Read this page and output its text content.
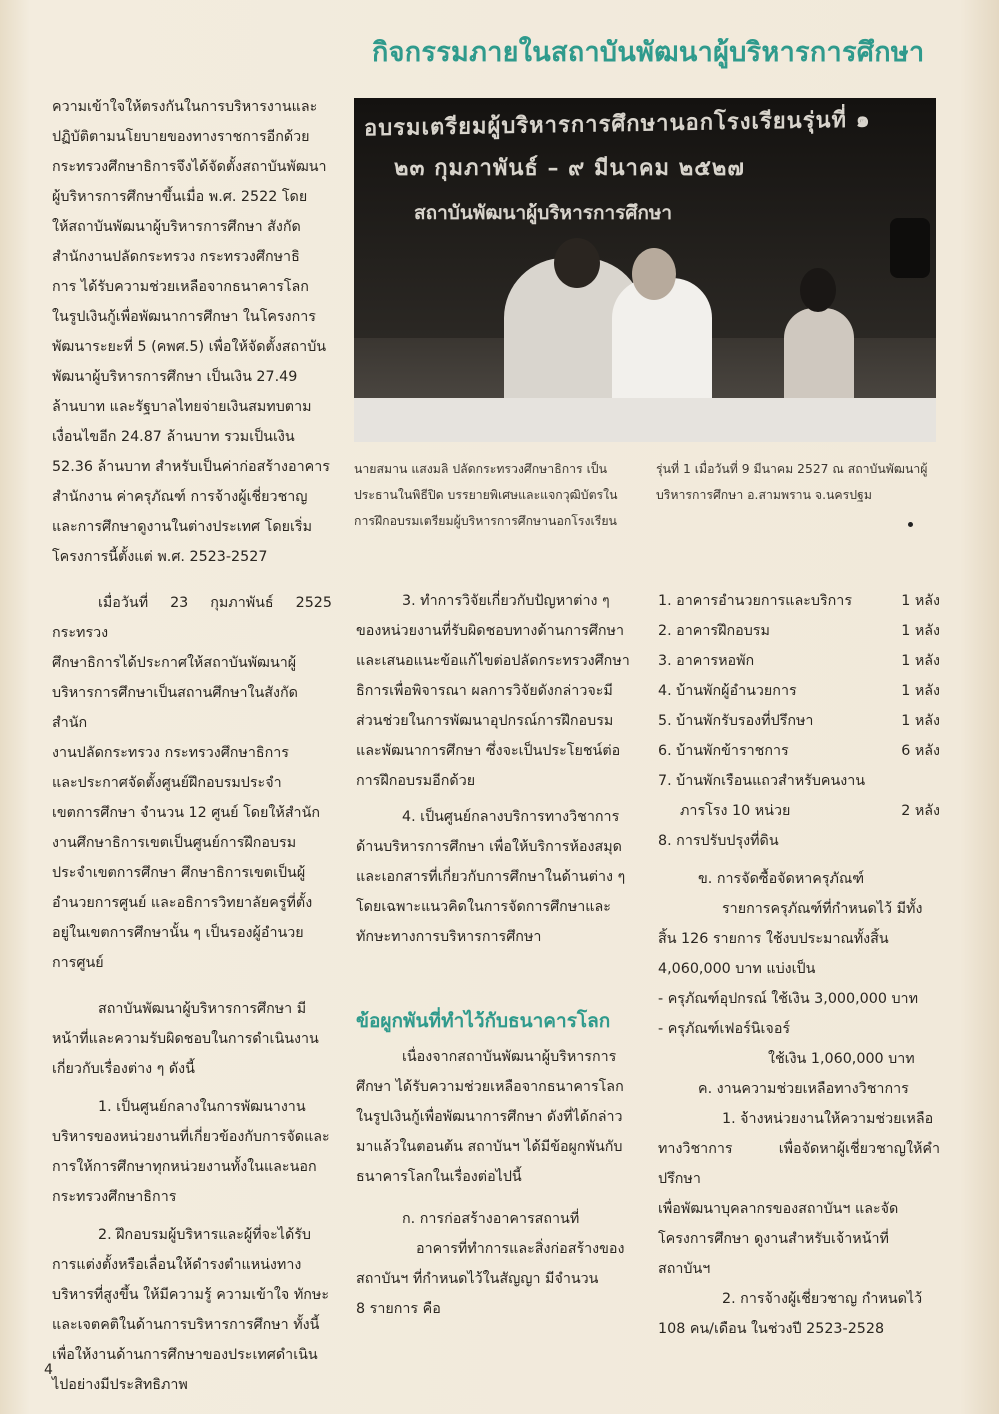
กิจกรรมภายในสถาบันพัฒนาผู้บริหารการศึกษา

ความเข้าใจให้ตรงกันในการบริหารงานและ

ปฏิบัติตามนโยบายของทางราชการอีกด้วย

กระทรวงศึกษาธิการจึงได้จัดตั้งสถาบันพัฒนา

ผู้บริหารการศึกษาขึ้นเมื่อ พ.ศ. 2522 โดย

ให้สถาบันพัฒนาผู้บริหารการศึกษา สังกัด

สำนักงานปลัดกระทรวง กระทรวงศึกษาธิ

การ ได้รับความช่วยเหลือจากธนาคารโลก

ในรูปเงินกู้เพื่อพัฒนาการศึกษา ในโครงการ

พัฒนาระยะที่ 5 (คพศ.5) เพื่อให้จัดตั้งสถาบัน

พัฒนาผู้บริหารการศึกษา เป็นเงิน 27.49

ล้านบาท และรัฐบาลไทยจ่ายเงินสมทบตาม

เงื่อนไขอีก 24.87 ล้านบาท รวมเป็นเงิน

52.36 ล้านบาท สำหรับเป็นค่าก่อสร้างอาคาร

สำนักงาน ค่าครุภัณฑ์ การจ้างผู้เชี่ยวชาญ

และการศึกษาดูงานในต่างประเทศ โดยเริ่ม

โครงการนี้ตั้งแต่ พ.ศ. 2523-2527

เมื่อวันที่ 23 กุมภาพันธ์ 2525 กระทรวง

ศึกษาธิการได้ประกาศให้สถาบันพัฒนาผู้

บริหารการศึกษาเป็นสถานศึกษาในสังกัดสำนัก

งานปลัดกระทรวง กระทรวงศึกษาธิการ

และประกาศจัดตั้งศูนย์ฝึกอบรมประจำ

เขตการศึกษา จำนวน 12 ศูนย์ โดยให้สำนัก

งานศึกษาธิการเขตเป็นศูนย์การฝึกอบรม

ประจำเขตการศึกษา ศึกษาธิการเขตเป็นผู้

อำนวยการศูนย์ และอธิการวิทยาลัยครูที่ตั้ง

อยู่ในเขตการศึกษานั้น ๆ เป็นรองผู้อำนวย

การศูนย์

สถาบันพัฒนาผู้บริหารการศึกษา มี

หน้าที่และความรับผิดชอบในการดำเนินงาน

เกี่ยวกับเรื่องต่าง ๆ ดังนี้

1. เป็นศูนย์กลางในการพัฒนางาน

บริหารของหน่วยงานที่เกี่ยวข้องกับการจัดและ

การให้การศึกษาทุกหน่วยงานทั้งในและนอก

กระทรวงศึกษาธิการ

2. ฝึกอบรมผู้บริหารและผู้ที่จะได้รับ

การแต่งตั้งหรือเลื่อนให้ดำรงตำแหน่งทาง

บริหารที่สูงขึ้น ให้มีความรู้ ความเข้าใจ ทักษะ

และเจตคติในด้านการบริหารการศึกษา ทั้งนี้

เพื่อให้งานด้านการศึกษาของประเทศดำเนิน

ไปอย่างมีประสิทธิภาพ

อบรมเตรียมผู้บริหารการศึกษานอกโรงเรียนรุ่นที่ ๑
๒๓ กุมภาพันธ์ – ๙ มีนาคม ๒๕๒๗
สถาบันพัฒนาผู้บริหารการศึกษา
นายสมาน แสงมลิ ปลัดกระทรวงศึกษาธิการ เป็น
ประธานในพิธีปิด บรรยายพิเศษและแจกวุฒิบัตรใน
การฝึกอบรมเตรียมผู้บริหารการศึกษานอกโรงเรียน
รุ่นที่ 1 เมื่อวันที่ 9 มีนาคม 2527 ณ สถาบันพัฒนาผู้
บริหารการศึกษา อ.สามพราน จ.นครปฐม

3. ทำการวิจัยเกี่ยวกับปัญหาต่าง ๆ

ของหน่วยงานที่รับผิดชอบทางด้านการศึกษา

และเสนอแนะข้อแก้ไขต่อปลัดกระทรวงศึกษา

ธิการเพื่อพิจารณา ผลการวิจัยดังกล่าวจะมี

ส่วนช่วยในการพัฒนาอุปกรณ์การฝึกอบรม

และพัฒนาการศึกษา ซึ่งจะเป็นประโยชน์ต่อ

การฝึกอบรมอีกด้วย

4. เป็นศูนย์กลางบริการทางวิชาการ

ด้านบริหารการศึกษา เพื่อให้บริการห้องสมุด

และเอกสารที่เกี่ยวกับการศึกษาในด้านต่าง ๆ

โดยเฉพาะแนวคิดในการจัดการศึกษาและ

ทักษะทางการบริหารการศึกษา

ข้อผูกพันที่ทำไว้กับธนาคารโลก

เนื่องจากสถาบันพัฒนาผู้บริหารการ

ศึกษา ได้รับความช่วยเหลือจากธนาคารโลก

ในรูปเงินกู้เพื่อพัฒนาการศึกษา ดังที่ได้กล่าว

มาแล้วในตอนต้น สถาบันฯ ได้มีข้อผูกพันกับ

ธนาคารโลกในเรื่องต่อไปนี้

ก. การก่อสร้างอาคารสถานที่

อาคารที่ทำการและสิ่งก่อสร้างของ

สถาบันฯ ที่กำหนดไว้ในสัญญา มีจำนวน

8 รายการ คือ

1. อาคารอำนวยการและบริการ	1 หลัง
2. อาคารฝึกอบรม	1 หลัง
3. อาคารหอพัก	1 หลัง
4. บ้านพักผู้อำนวยการ	1 หลัง
5. บ้านพักรับรองที่ปรึกษา	1 หลัง
6. บ้านพักข้าราชการ	6 หลัง
7. บ้านพักเรือนแถวสำหรับคนงาน
ภารโรง 10 หน่วย	2 หลัง
8. การปรับปรุงที่ดิน

ข. การจัดซื้อจัดหาครุภัณฑ์

รายการครุภัณฑ์ที่กำหนดไว้ มีทั้ง

สิ้น 126 รายการ ใช้งบประมาณทั้งสิ้น

4,060,000 บาท แบ่งเป็น

- ครุภัณฑ์อุปกรณ์ ใช้เงิน 3,000,000 บาท

- ครุภัณฑ์เฟอร์นิเจอร์

ใช้เงิน 1,060,000 บาท

ค. งานความช่วยเหลือทางวิชาการ

1. จ้างหน่วยงานให้ความช่วยเหลือ

ทางวิชาการ เพื่อจัดหาผู้เชี่ยวชาญให้คำปรึกษา

เพื่อพัฒนาบุคลากรของสถาบันฯ และจัด

โครงการศึกษา ดูงานสำหรับเจ้าหน้าที่

สถาบันฯ

2. การจ้างผู้เชี่ยวชาญ กำหนดไว้

108 คน/เดือน ในช่วงปี 2523-2528

4
